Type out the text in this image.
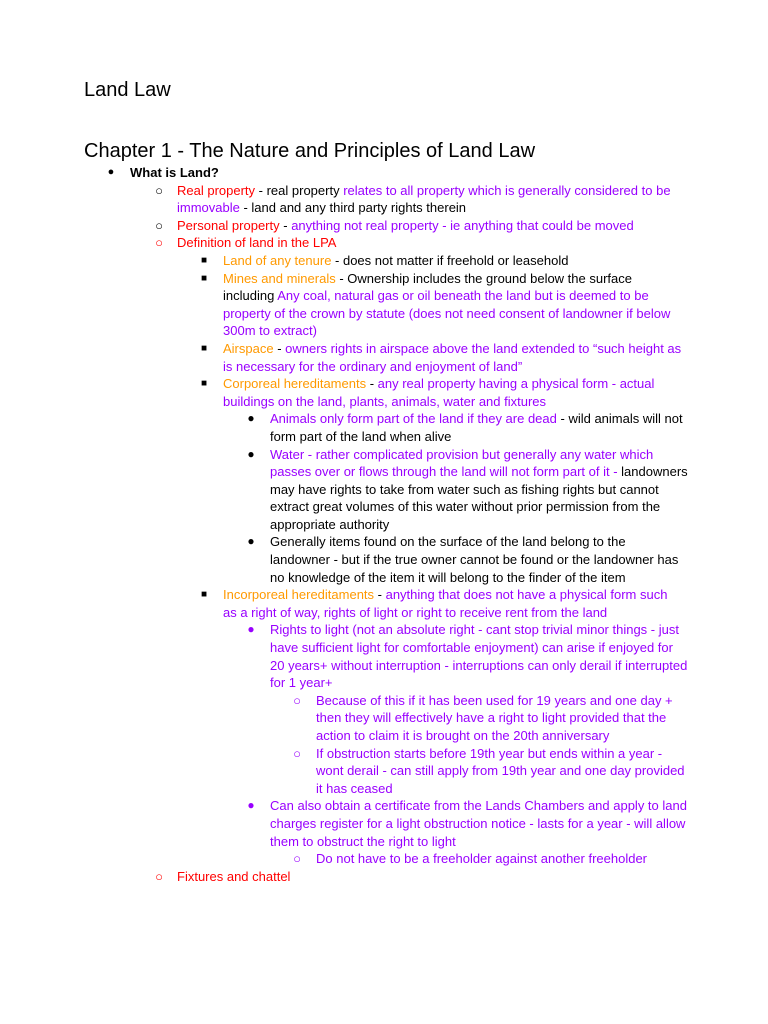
Land Law
Chapter 1 - The Nature and Principles of Land Law
● What is Land?
○ Real property - real property relates to all property which is generally considered to be immovable - land and any third party rights therein
○ Personal property - anything not real property - ie anything that could be moved
○ Definition of land in the LPA
■	Land of any tenure - does not matter if freehold or leasehold
■	Mines and minerals - Ownership includes the ground below the surface including Any coal, natural gas or oil beneath the land but is deemed to be property of the crown by statute (does not need consent of landowner if below 300m to extract)
■	Airspace - owners rights in airspace above the land extended to “such height as is necessary for the ordinary and enjoyment of land”
■	Corporeal hereditaments - any real property having a physical form - actual buildings on the land, plants, animals, water and fixtures
● Animals only form part of the land if they are dead - wild animals will not form part of the land when alive
● Water - rather complicated provision but generally any water which passes over or flows through the land will not form part of it - landowners may have rights to take from water such as fishing rights but cannot extract great volumes of this water without prior permission from the appropriate authority
● Generally items found on the surface of the land belong to the landowner - but if the true owner cannot be found or the landowner has no knowledge of the item it will belong to the finder of the item
■	Incorporeal hereditaments - anything that does not have a physical form such as a right of way, rights of light or right to receive rent from the land
● Rights to light (not an absolute right - cant stop trivial minor things - just have sufficient light for comfortable enjoyment) can arise if enjoyed for 20 years+ without interruption - interruptions can only derail if interrupted for 1 year+
○ Because of this if it has been used for 19 years and one day + then they will effectively have a right to light provided that the action to claim it is brought on the 20th anniversary
○ If obstruction starts before 19th year but ends within a year - wont derail - can still apply from 19th year and one day provided it has ceased
● Can also obtain a certificate from the Lands Chambers and apply to land charges register for a light obstruction notice - lasts for a year - will allow them to obstruct the right to light
○ Do not have to be a freeholder against another freeholder
○ Fixtures and chattel
